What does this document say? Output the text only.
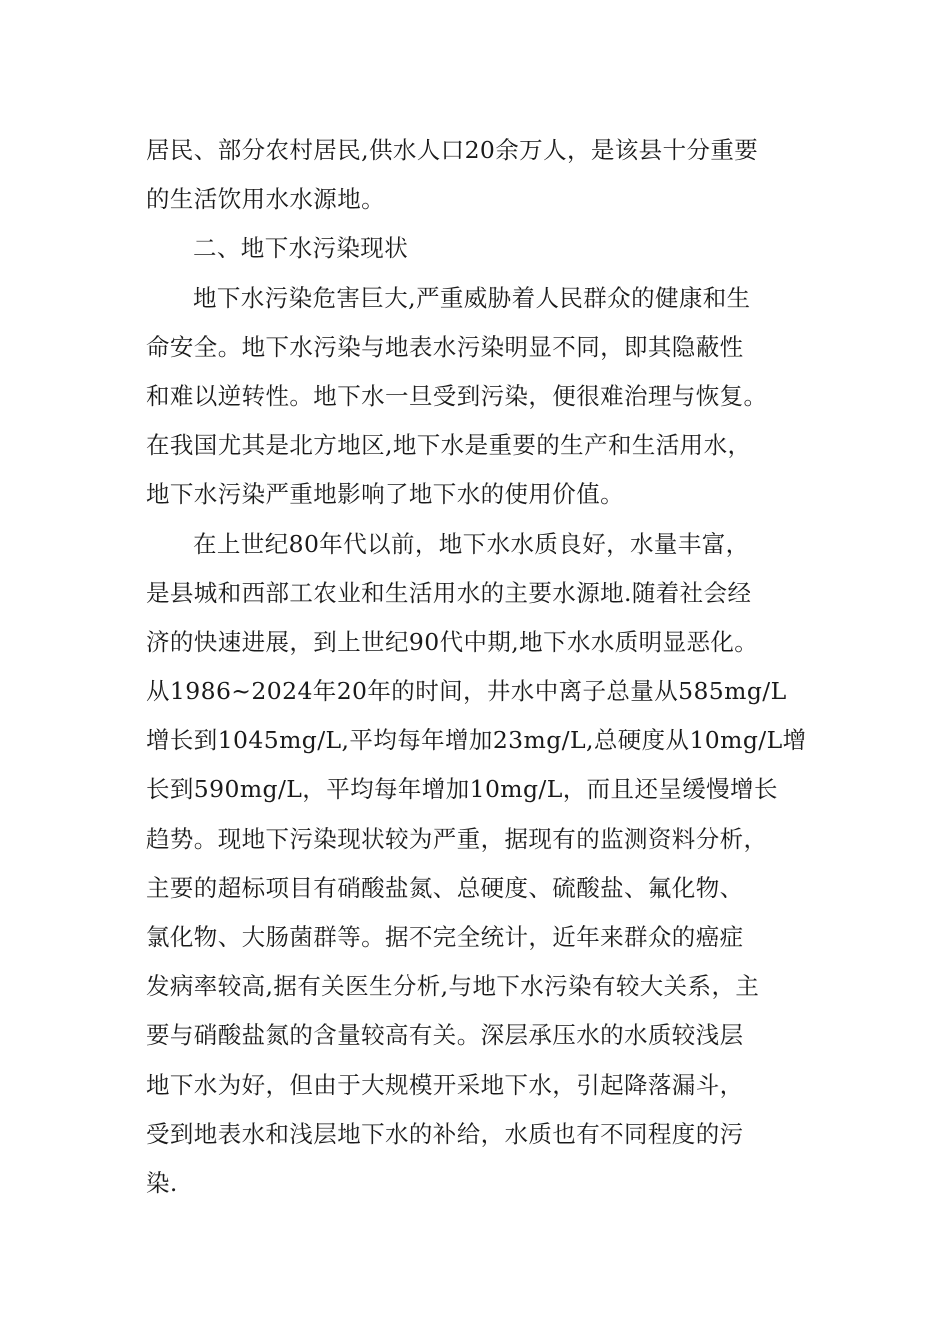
居民、部分农村居民,供水人口20余万人，是该县十分重要
的生活饮用水水源地。
二、地下水污染现状
地下水污染危害巨大,严重威胁着人民群众的健康和生
命安全。地下水污染与地表水污染明显不同，即其隐蔽性
和难以逆转性。地下水一旦受到污染，便很难治理与恢复。
在我国尤其是北方地区,地下水是重要的生产和生活用水，
地下水污染严重地影响了地下水的使用价值。
在上世纪80年代以前，地下水水质良好，水量丰富，
是县城和西部工农业和生活用水的主要水源地.随着社会经
济的快速进展，到上世纪90代中期,地下水水质明显恶化。
从1986~2024年20年的时间，井水中离子总量从585mg/L
增长到1045mg/L,平均每年增加23mg/L,总硬度从10mg/L增
长到590mg/L，平均每年增加10mg/L，而且还呈缓慢增长
趋势。现地下污染现状较为严重，据现有的监测资料分析，
主要的超标项目有硝酸盐氮、总硬度、硫酸盐、氟化物、
氯化物、大肠菌群等。据不完全统计，近年来群众的癌症
发病率较高,据有关医生分析,与地下水污染有较大关系，主
要与硝酸盐氮的含量较高有关。深层承压水的水质较浅层
地下水为好，但由于大规模开采地下水，引起降落漏斗，
受到地表水和浅层地下水的补给，水质也有不同程度的污
染.
